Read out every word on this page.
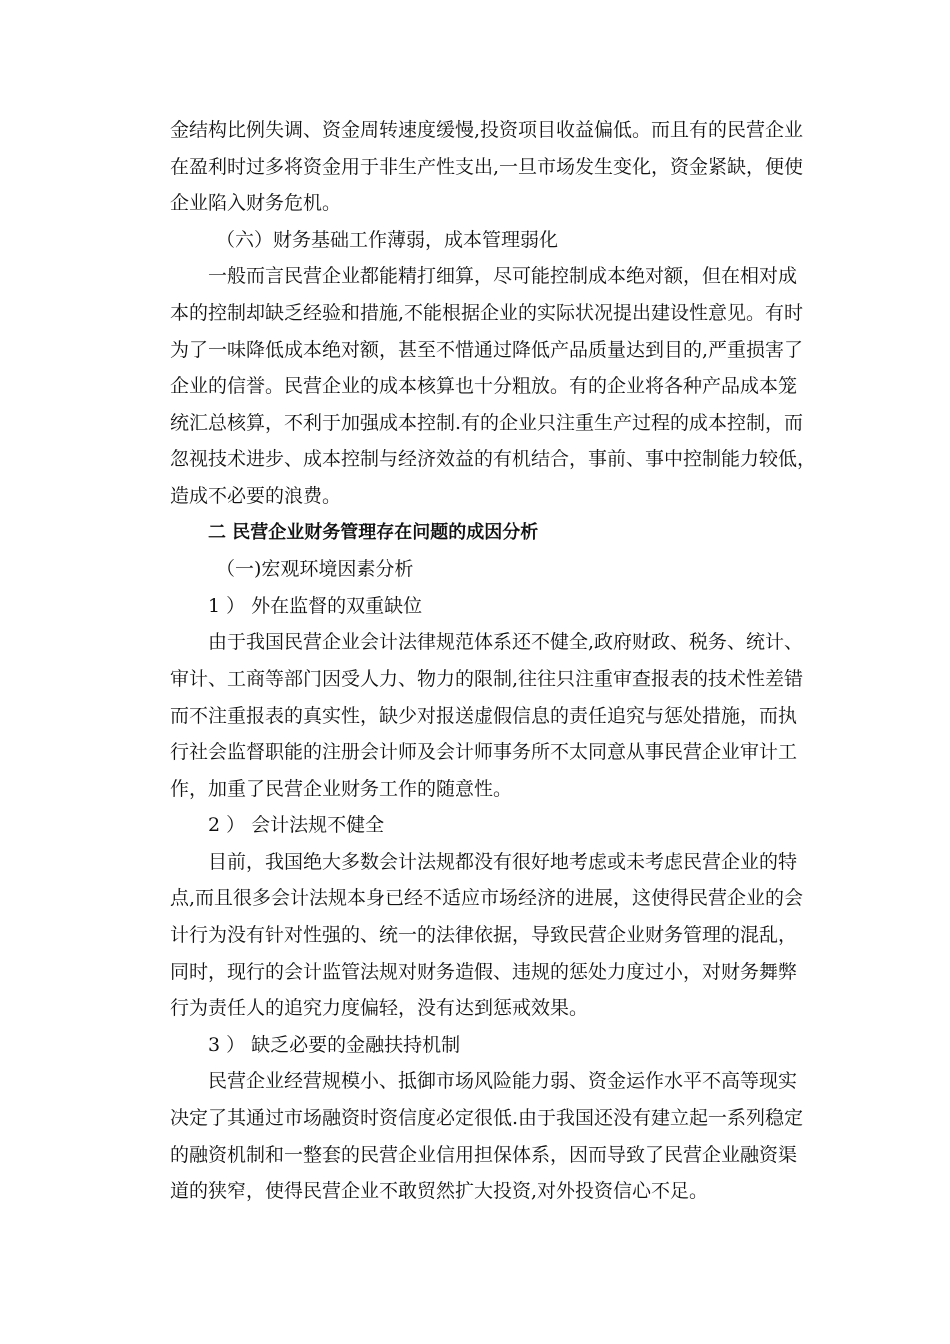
金结构比例失调、资金周转速度缓慢,投资项目收益偏低。而且有的民营企业
在盈利时过多将资金用于非生产性支出,一旦市场发生变化，资金紧缺，便使
企业陷入财务危机。
（六）财务基础工作薄弱，成本管理弱化
一般而言民营企业都能精打细算，尽可能控制成本绝对额，但在相对成
本的控制却缺乏经验和措施,不能根据企业的实际状况提出建设性意见。有时
为了一味降低成本绝对额，甚至不惜通过降低产品质量达到目的,严重损害了
企业的信誉。民营企业的成本核算也十分粗放。有的企业将各种产品成本笼
统汇总核算，不利于加强成本控制.有的企业只注重生产过程的成本控制，而
忽视技术进步、成本控制与经济效益的有机结合，事前、事中控制能力较低，
造成不必要的浪费。
二 民营企业财务管理存在问题的成因分析
（一)宏观环境因素分析
1 ） 外在监督的双重缺位
由于我国民营企业会计法律规范体系还不健全,政府财政、税务、统计、
审计、工商等部门因受人力、物力的限制,往往只注重审查报表的技术性差错
而不注重报表的真实性，缺少对报送虚假信息的责任追究与惩处措施，而执
行社会监督职能的注册会计师及会计师事务所不太同意从事民营企业审计工
作，加重了民营企业财务工作的随意性。
2 ） 会计法规不健全
目前，我国绝大多数会计法规都没有很好地考虑或未考虑民营企业的特
点,而且很多会计法规本身已经不适应市场经济的进展，这使得民营企业的会
计行为没有针对性强的、统一的法律依据，导致民营企业财务管理的混乱，
同时，现行的会计监管法规对财务造假、违规的惩处力度过小，对财务舞弊
行为责任人的追究力度偏轻，没有达到惩戒效果。
3 ） 缺乏必要的金融扶持机制
民营企业经营规模小、抵御市场风险能力弱、资金运作水平不高等现实
决定了其通过市场融资时资信度必定很低.由于我国还没有建立起一系列稳定
的融资机制和一整套的民营企业信用担保体系，因而导致了民营企业融资渠
道的狭窄，使得民营企业不敢贸然扩大投资,对外投资信心不足。
